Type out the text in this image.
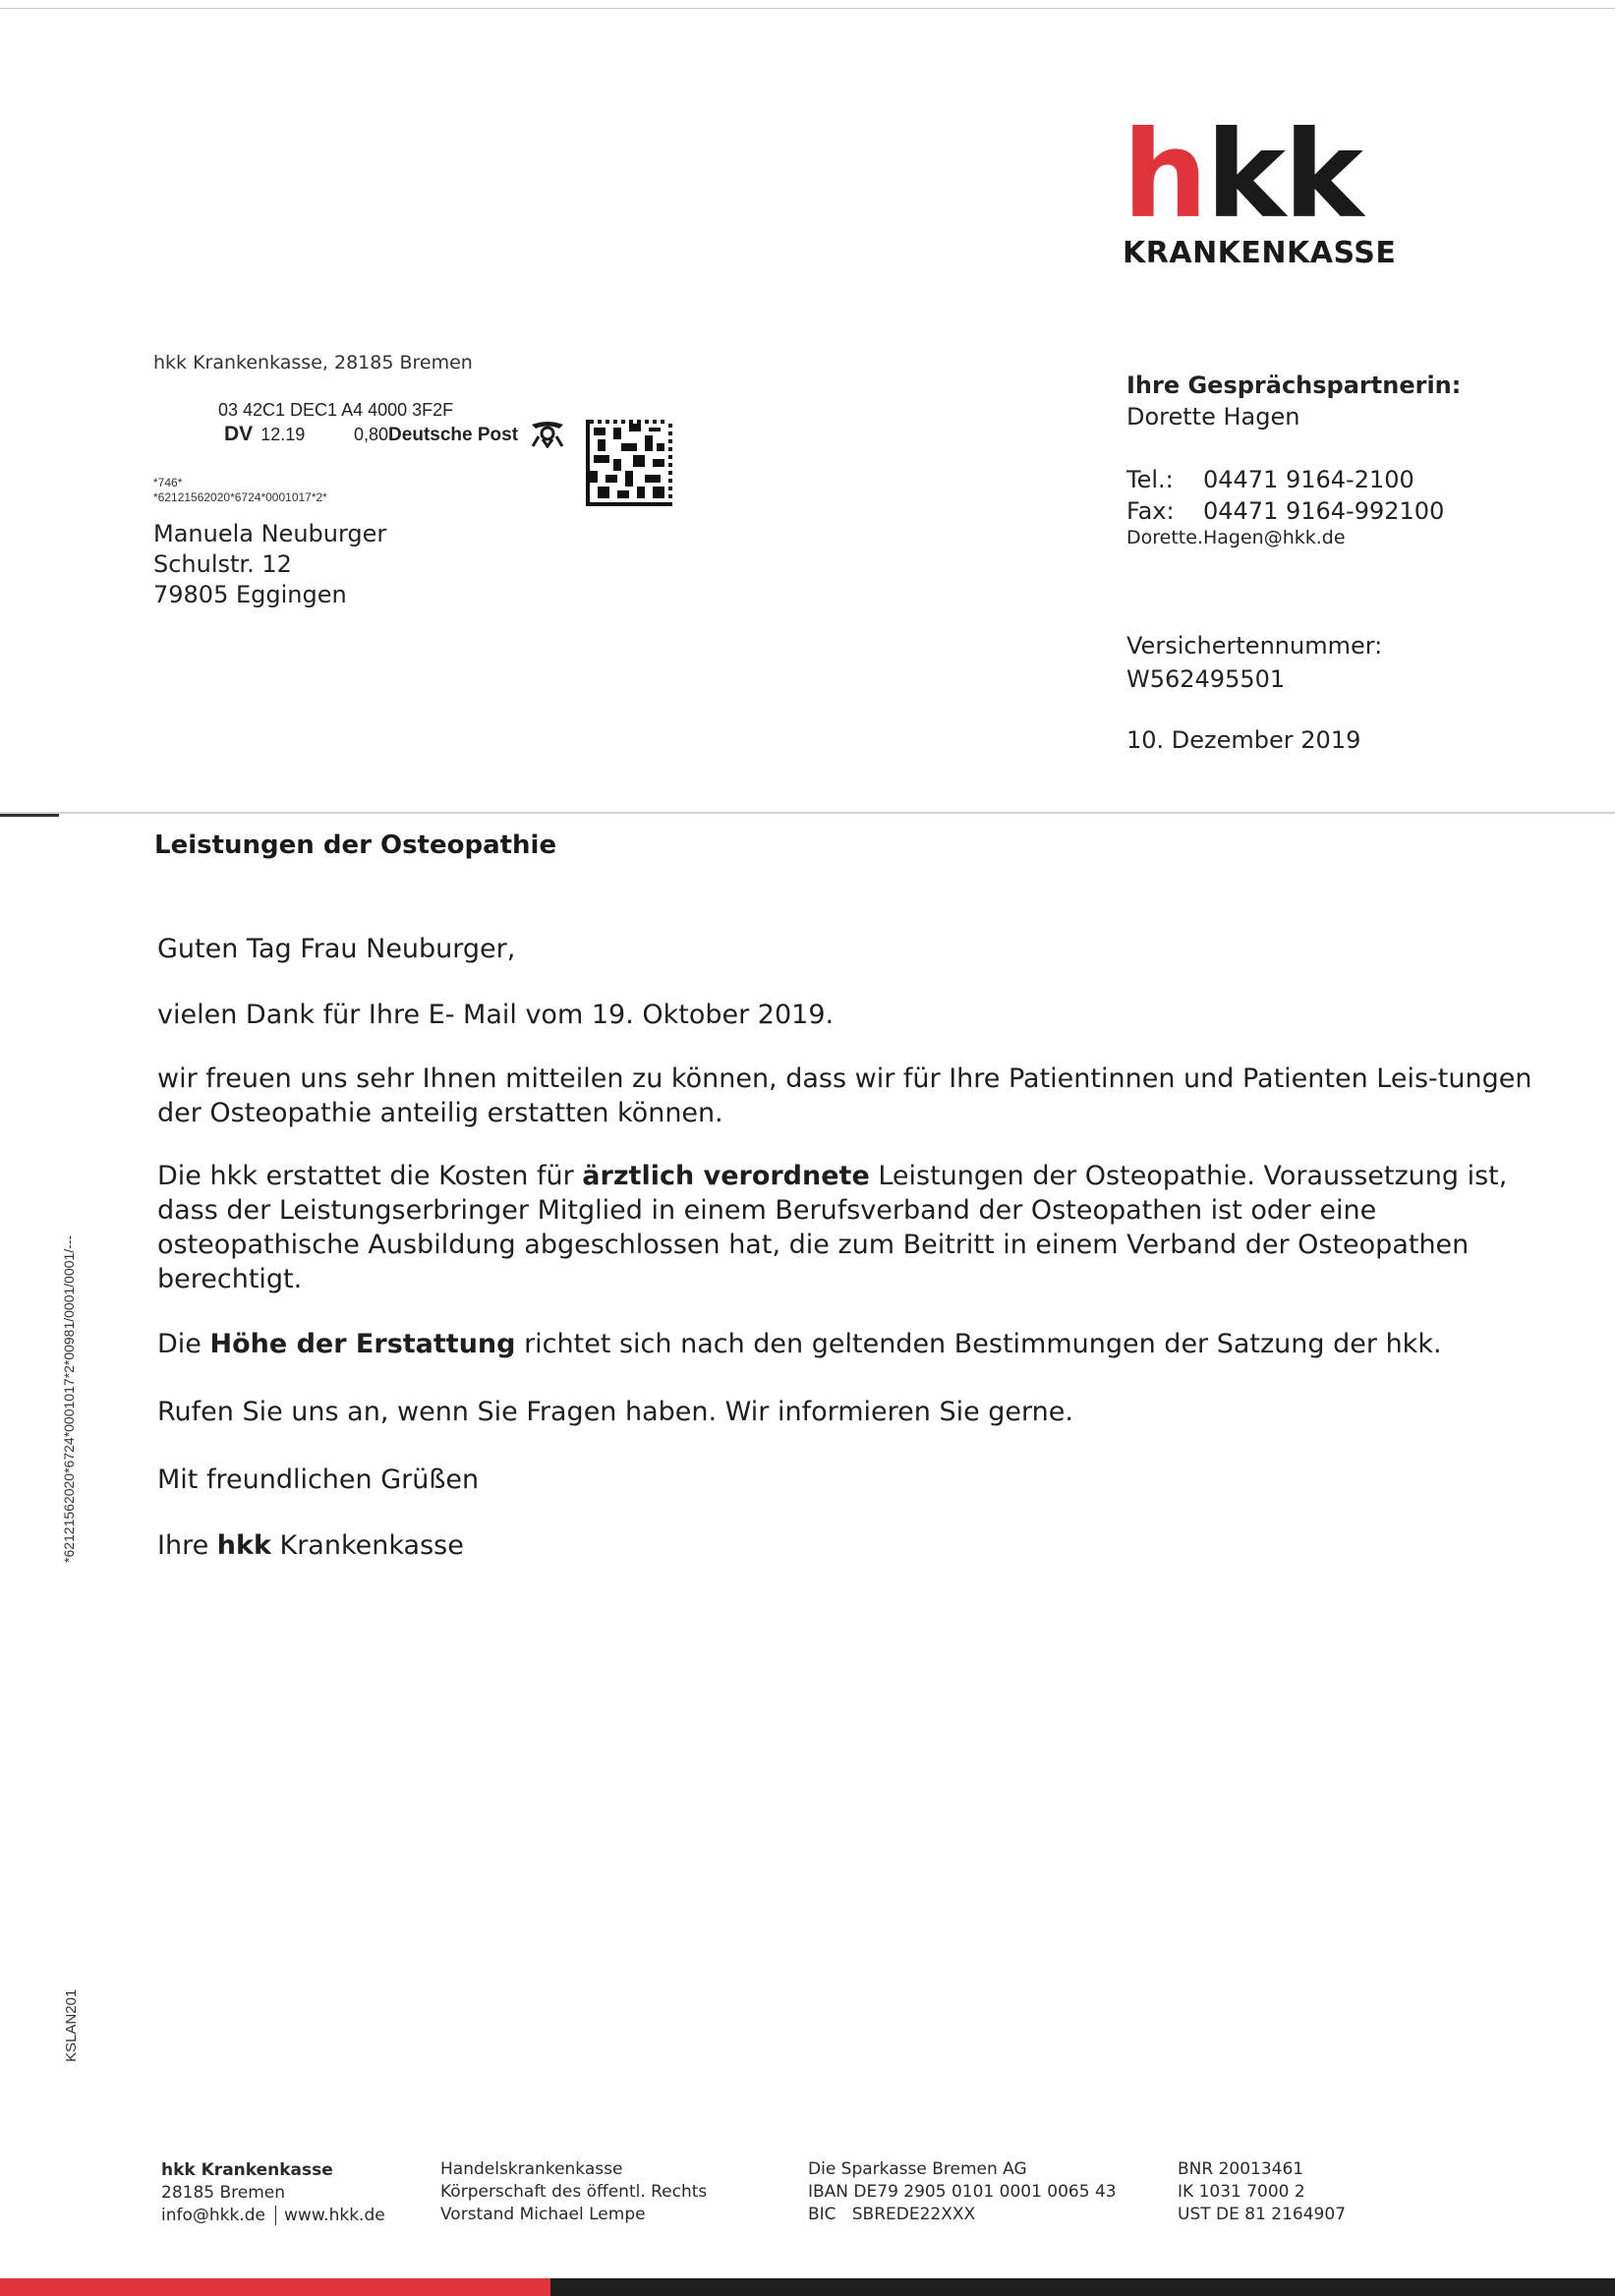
hkk
KRANKENKASSE
hkk Krankenkasse, 28185 Bremen
03 42C1 DEC1 A4 4000 3F2F
DV 12.19	0,80Deutsche Post
*746*
*62121562020*6724*0001017*2*
Manuela Neuburger
Schulstr. 12
79805 Eggingen
Ihre Gesprächspartnerin:
Dorette Hagen
Tel.: 04471 9164-2100
Fax: 04471 9164-992100
Dorette.Hagen@hkk.de
Versichertennummer:
W562495501
10. Dezember 2019
Leistungen der Osteopathie
Guten Tag Frau Neuburger,
vielen Dank für Ihre E- Mail vom 19. Oktober 2019.
wir freuen uns sehr Ihnen mitteilen zu können, dass wir für Ihre Patientinnen und Patienten Leis-tungen der Osteopathie anteilig erstatten können.
Die hkk erstattet die Kosten für ärztlich verordnete Leistungen der Osteopathie. Voraussetzung ist, dass der Leistungserbringer Mitglied in einem Berufsverband der Osteopathen ist oder eine osteopathische Ausbildung abgeschlossen hat, die zum Beitritt in einem Verband der Osteopathen berechtigt.
Die Höhe der Erstattung richtet sich nach den geltenden Bestimmungen der Satzung der hkk.
Rufen Sie uns an, wenn Sie Fragen haben. Wir informieren Sie gerne.
Mit freundlichen Grüßen
Ihre hkk Krankenkasse
*62121562020*6724*0001017*2*00981/0001/0001/---
KSLAN201
hkk Krankenkasse
28185 Bremen
info@hkk.de www.hkk.de
Handelskrankenkasse
Körperschaft des öffentl. Rechts
Vorstand Michael Lempe
Die Sparkasse Bremen AG
IBAN DE79 2905 0101 0001 0065 43
BIC   SBREDE22XXX
BNR 20013461
IK 1031 7000 2
UST DE 81 2164907
